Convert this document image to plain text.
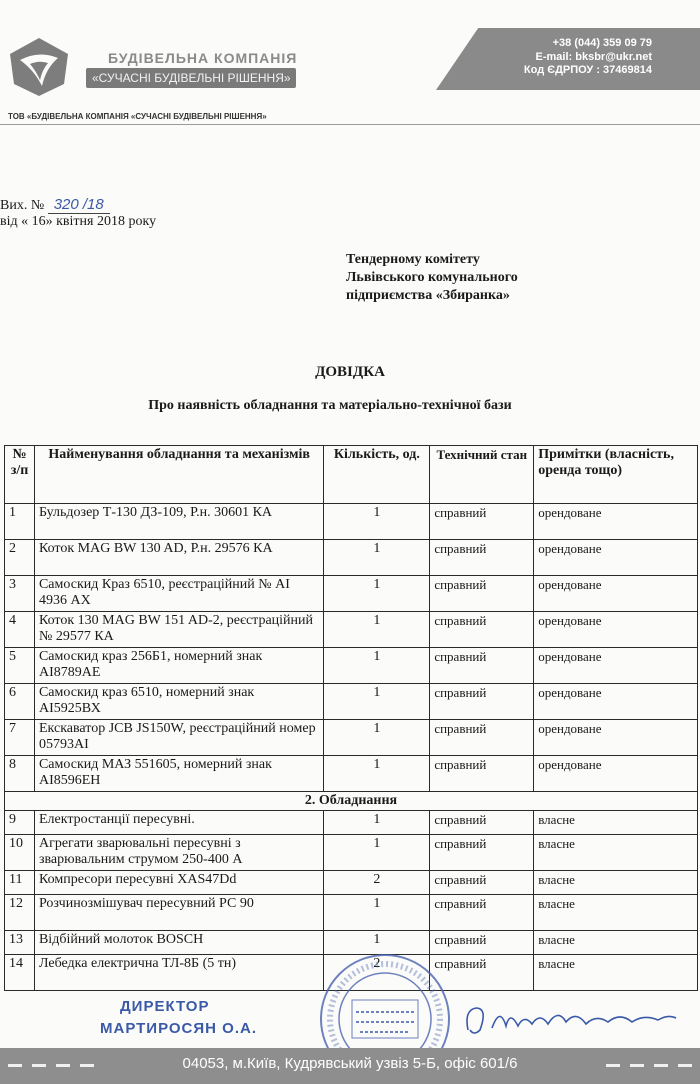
БУДІВЕЛЬНА КОМПАНІЯ
«СУЧАСНІ БУДІВЕЛЬНІ РІШЕННЯ»
+38 (044) 359 09 79
E-mail: bksbr@ukr.net
Код ЄДРПОУ : 37469814
ТОВ «БУДІВЕЛЬНА КОМПАНІЯ «СУЧАСНІ БУДІВЕЛЬНІ РІШЕННЯ»
Вих. № 320 /18
від « 16» квітня 2018 року
Тендерному комітету
Львівського комунального
підприємства «Збиранка»
ДОВІДКА
Про наявність обладнання та матеріально-технічної бази
№ з/п	Найменування обладнання та механізмів	Кількість, од.	Технічний стан	Примітки (власність, оренда тощо)
1	Бульдозер Т-130 ДЗ-109, Р.н. 30601 КА	1	справний	орендоване
2	Коток MAG BW 130 AD, Р.н. 29576 КА	1	справний	орендоване
3	Самоскид Краз 6510, реєстраційний № АІ 4936 АХ	1	справний	орендоване
4	Коток 130 MAG BW 151 AD-2, реєстраційний № 29577 КА	1	справний	орендоване
5	Самоскид краз 256Б1, номерний знак АІ8789АЕ	1	справний	орендоване
6	Самоскид краз 6510, номерний знак АІ5925ВХ	1	справний	орендоване
7	Екскаватор JCB JS150W, реєстраційний номер 05793АІ	1	справний	орендоване
8	Самоскид МАЗ 551605, номерний знак АІ8596ЕН	1	справний	орендоване
2. Обладнання				
9	Електростанції пересувні.	1	справний	власне
10	Агрегати зварювальні пересувні з зварювальним струмом 250-400 А	1	справний	власне
11	Компресори пересувні XAS47Dd	2	справний	власне
12	Розчинозмішувач пересувний РС 90	1	справний	власне
13	Відбійний молоток BOSCH	1	справний	власне
14	Лебедка електрична ТЛ-8Б (5 тн)	2	справний	власне
ДИРЕКТОР
МАРТИРОСЯН О.А.
04053, м.Київ, Кудрявський узвіз 5-Б, офіс 601/6
